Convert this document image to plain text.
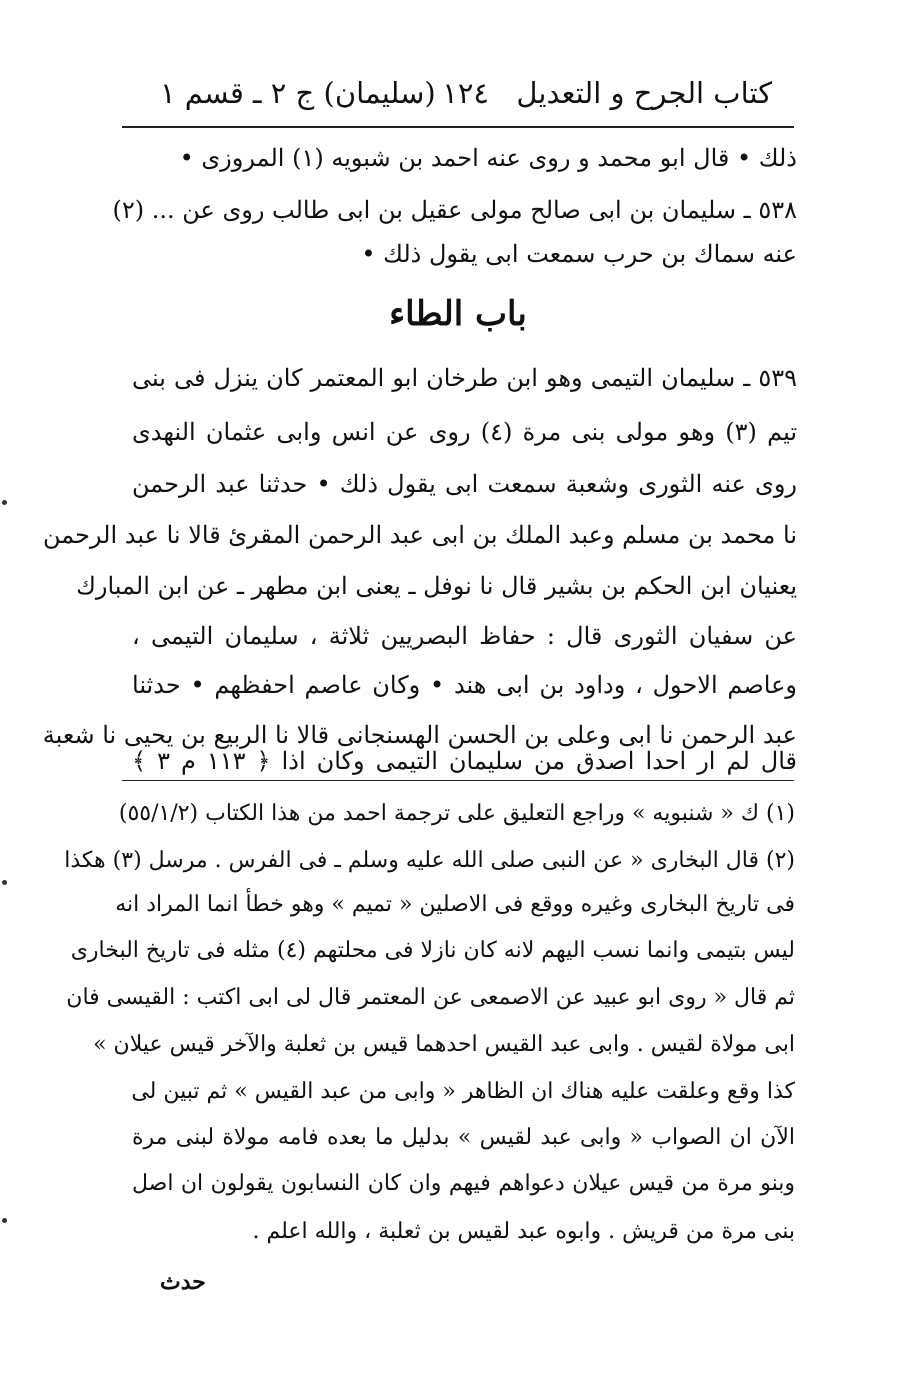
كتاب الجرح و التعديل
١٢٤
(سليمان) ج ٢ ـ قسم ١
ذلك • قال ابو محمد و روى عنه احمد بن شبويه (١) المروزى •
٥٣٨ ـ سليمان بن ابى صالح مولى عقيل بن ابى طالب روى عن ... (٢)
عنه سماك بن حرب سمعت ابى يقول ذلك •
باب الطاء
٥٣٩ ـ سليمان التيمى وهو ابن طرخان ابو المعتمر كان ينزل فى بنى
تيم (٣) وهو مولى بنى مرة (٤) روى عن انس وابى عثمان النهدى
روى عنه الثورى وشعبة سمعت ابى يقول ذلك • حدثنا عبد الرحمن
نا محمد بن مسلم وعبد الملك بن ابى عبد الرحمن المقرئ قالا نا عبد الرحمن
يعنيان ابن الحكم بن بشير قال نا نوفل ـ يعنى ابن مطهر ـ عن ابن المبارك
عن سفيان الثورى قال : حفاظ البصريين ثلاثة ، سليمان التيمى ،
وعاصم الاحول ، وداود بن ابى هند • وكان عاصم احفظهم • حدثنا
عبد الرحمن نا ابى وعلى بن الحسن الهسنجانى قالا نا الربيع بن يحيى نا شعبة
قال لم ار احدا اصدق من سليمان التيمى وكان اذا ﴿ ١١٣ م ٣ ﴾
(١) ك « شنبويه » وراجع التعليق على ترجمة احمد من هذا الكتاب (٥٥/١/٢)
(٢) قال البخارى « عن النبى صلى الله عليه وسلم ـ فى الفرس . مرسل (٣) هكذا
فى تاريخ البخارى وغيره ووقع فى الاصلين « تميم » وهو خطأ انما المراد انه
ليس بتيمى وانما نسب اليهم لانه كان نازلا فى محلتهم (٤) مثله فى تاريخ البخارى
ثم قال « روى ابو عبيد عن الاصمعى عن المعتمر قال لى ابى اكتب : القيسى فان
ابى مولاة لقيس . وابى عبد القيس احدهما قيس بن ثعلبة والآخر قيس عيلان »
كذا وقع وعلقت عليه هناك ان الظاهر « وابى من عبد القيس » ثم تبين لى
الآن ان الصواب « وابى عبد لقيس » بدليل ما بعده فامه مولاة لبنى مرة
وبنو مرة من قيس عيلان دعواهم فيهم وان كان النسابون يقولون ان اصل
بنى مرة من قريش . وابوه عبد لقيس بن ثعلبة ، والله اعلم .
حدث
